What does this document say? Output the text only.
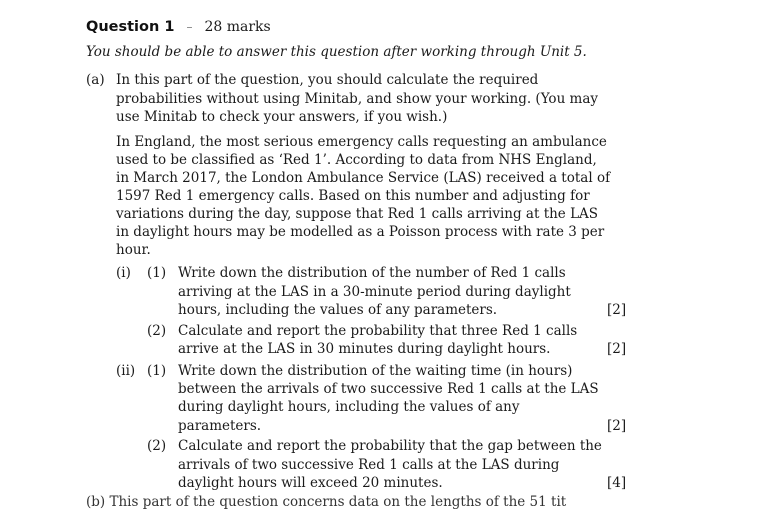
Question 1 – 28 marks
You should be able to answer this question after working through Unit 5.
(a) In this part of the question, you should calculate the required
probabilities without using Minitab, and show your working. (You may
use Minitab to check your answers, if you wish.)
In England, the most serious emergency calls requesting an ambulance
used to be classified as ‘Red 1’. According to data from NHS England,
in March 2017, the London Ambulance Service (LAS) received a total of
1597 Red 1 emergency calls. Based on this number and adjusting for
variations during the day, suppose that Red 1 calls arriving at the LAS
in daylight hours may be modelled as a Poisson process with rate 3 per
hour.
(i) (1) Write down the distribution of the number of Red 1 calls
arriving at the LAS in a 30-minute period during daylight
hours, including the values of any parameters.	[2]
(2) Calculate and report the probability that three Red 1 calls
arrive at the LAS in 30 minutes during daylight hours.	[2]
(ii) (1) Write down the distribution of the waiting time (in hours)
between the arrivals of two successive Red 1 calls at the LAS
during daylight hours, including the values of any
parameters.	[2]
(2) Calculate and report the probability that the gap between the
arrivals of two successive Red 1 calls at the LAS during
daylight hours will exceed 20 minutes.	[4]
(b) This part of the question concerns data on the lengths of the 51 tit
